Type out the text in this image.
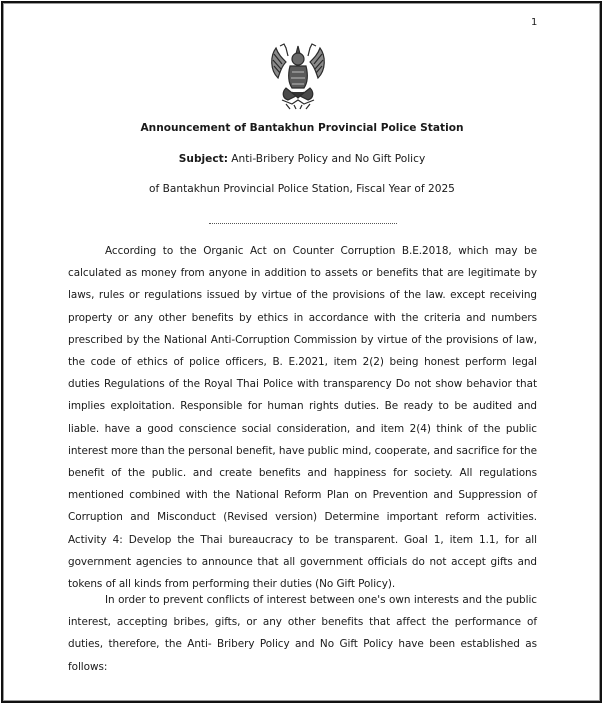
1
Announcement of Bantakhun Provincial Police Station
Subject: Anti-Bribery Policy and No Gift Policy
of Bantakhun Provincial Police Station, Fiscal Year of 2025

According to the Organic Act on Counter Corruption B.E.2018, which may be calculated as money from anyone in addition to assets or benefits that are legitimate by laws, rules or regulations issued by virtue of the provisions of the law. except receiving property or any other benefits by ethics in accordance with the criteria and numbers prescribed by the National Anti-Corruption Commission by virtue of the provisions of law, the code of ethics of police officers, B. E.2021, item 2(2) being honest perform legal duties Regulations of the Royal Thai Police with transparency Do not show behavior that implies exploitation. Responsible for human rights duties. Be ready to be audited and liable. have a good conscience social consideration, and item 2(4) think of the public interest more than the personal benefit, have public mind, cooperate, and sacrifice for the benefit of the public. and create benefits and happiness for society. All regulations mentioned combined with the National Reform Plan on Prevention and Suppression of Corruption and Misconduct (Revised version) Determine important reform activities. Activity 4: Develop the Thai bureaucracy to be transparent. Goal 1, item 1.1, for all government agencies to announce that all government officials do not accept gifts and tokens of all kinds from performing their duties (No Gift Policy).

In order to prevent conflicts of interest between one's own interests and the public interest, accepting bribes, gifts, or any other benefits that affect the performance of duties, therefore, the Anti- Bribery Policy and No Gift Policy have been established as follows:
